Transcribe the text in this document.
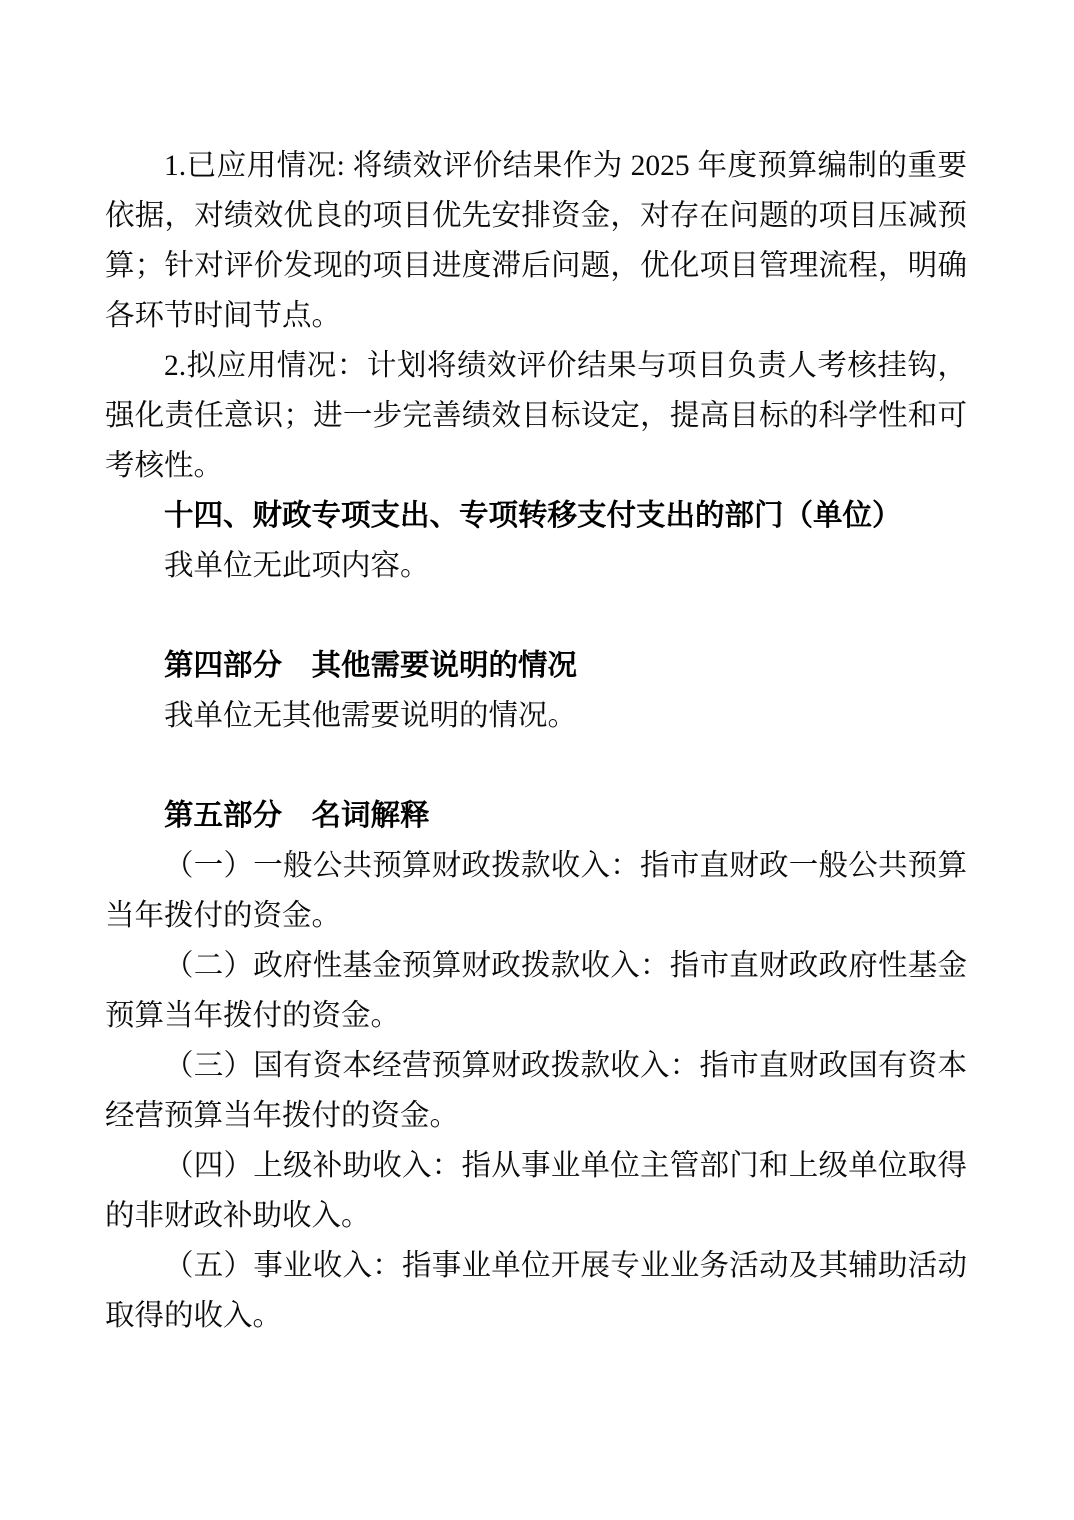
1.已应用情况: 将绩效评价结果作为 2025 年度预算编制的重要依据，对绩效优良的项目优先安排资金，对存在问题的项目压减预算；针对评价发现的项目进度滞后问题，优化项目管理流程，明确各环节时间节点。

2.拟应用情况：计划将绩效评价结果与项目负责人考核挂钩，强化责任意识；进一步完善绩效目标设定，提高目标的科学性和可考核性。

十四、财政专项支出、专项转移支付支出的部门（单位）

我单位无此项内容。

第四部分　其他需要说明的情况

我单位无其他需要说明的情况。

第五部分　名词解释

（一）一般公共预算财政拨款收入：指市直财政一般公共预算当年拨付的资金。

（二）政府性基金预算财政拨款收入：指市直财政政府性基金预算当年拨付的资金。

（三）国有资本经营预算财政拨款收入：指市直财政国有资本经营预算当年拨付的资金。

（四）上级补助收入：指从事业单位主管部门和上级单位取得的非财政补助收入。

（五）事业收入：指事业单位开展专业业务活动及其辅助活动取得的收入。
